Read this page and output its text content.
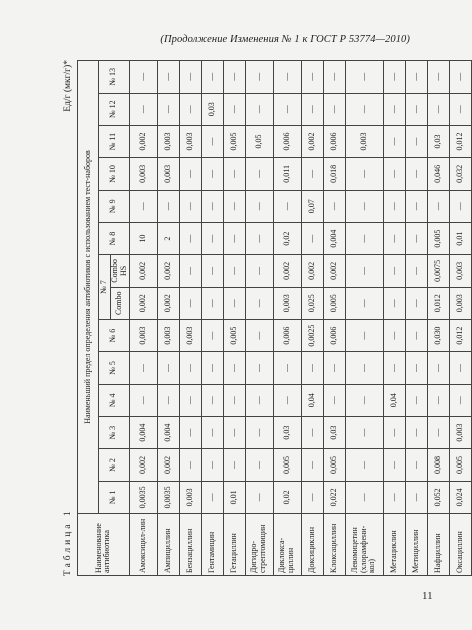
(Продолжение Изменения № 1 к ГОСТ Р 53774—2010)
Таблица 1
Ед/г (мкг/г)*
Наименование антибиотика	Наименьший предел определения антибиотиков с использованием тест-наборов													
	№ 1	№ 2	№ 3	№ 4	№ 5	№ 6	№ 7		№ 8	№ 9	№ 10	№ 11	№ 12	№ 13
							Combo	Combo HS						
Амоксицил-лин	0,0035	0,002	0,004	—	—	0,003	0,002	0,002	10	—	0,003	0,002	—	—
Ампициллин	0,0035	0,002	0,004	—	—	0,003	0,002	0,002	2	—	0,003	0,003	—	—
Бензациллин	0,003	—	—	—	—	0,003	—	—	—	—	—	0,003	—	—
Гентамицин	—	—	—	—	—	—	—	—	—	—	—	—	0,03	—
Гетациллин	0,01	—	—	—	—	0,005	—	—	—	—	—	0,005	—	—
Дигидро-стрептомицин	—	—	—	—	—	—	—	—	—	—	—	0,05	—	—
Диклокса-циллин	0,02	0,005	0,03	—	—	0,006	0,003	0,002	0,02	—	0,011	0,006	—	—
Доксициклин	—	—	—	0,04	—	0,0025	0,025	0,002	—	0,07	—	0,002	—	—
Клоксациллин	0,022	0,005	0,03	—	—	0,006	0,005	0,002	0,004	—	0,018	0,006	—	—
Левомицетин (хлорамфени-кол)	—	—	—	—	—	—	—	—	—	—	—	0,003	—	—
Метациклин	—	—	—	0,04	—	—	—	—	—	—	—	—	—	—
Метициллин	—	—	—	—	—	—	—	—	—	—	—	—	—	—
Нафциллин	0,052	0,008	—	—	—	0,030	0,012	0,0075	0,005	—	0,046	0,03	—	—
Оксациллин	0,024	0,005	0,003	—	—	0,012	0,003	0,003	0,01	—	0,032	0,012	—	—
11
